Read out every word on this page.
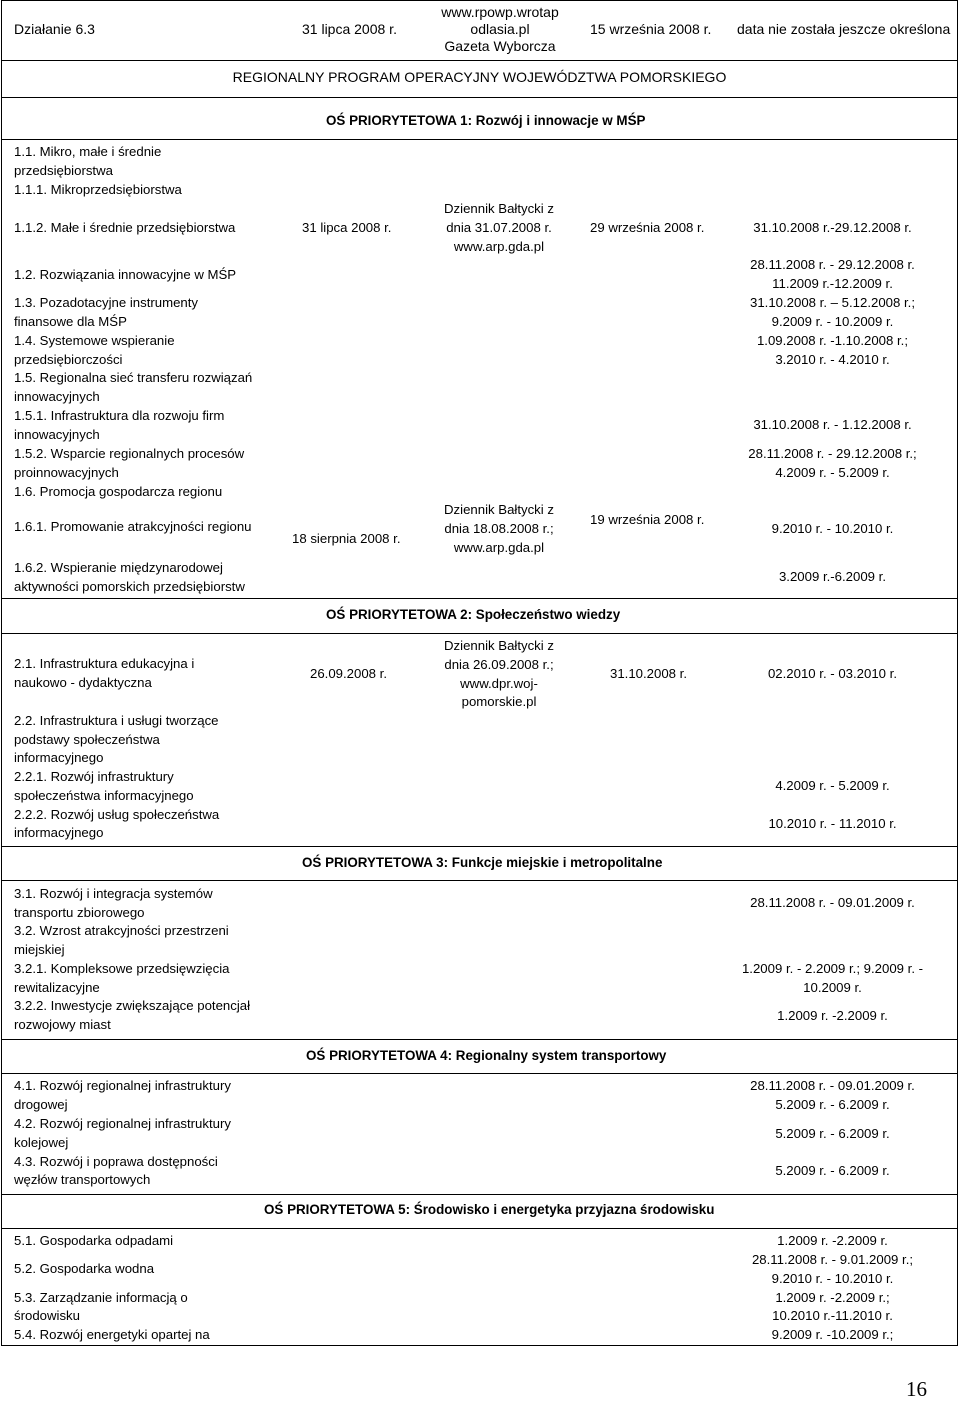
Działanie 6.3	31 lipca 2008 r.
www.rpowp.wrotap
odlasia.pl
Gazeta Wyborcza
15 września 2008 r. data nie została jeszcze określona
REGIONALNY PROGRAM OPERACYJNY WOJEWÓDZTWA POMORSKIEGO
OŚ PRIORYTETOWA 1: Rozwój i innowacje w MŚP
1.1. Mikro, małe i średnie
przedsiębiorstwa
1.1.1. Mikroprzedsiębiorstwa
1.1.2. Małe i średnie przedsiębiorstwa
1.2. Rozwiązania innowacyjne w MŚP
1.3. Pozadotacyjne instrumenty
finansowe dla MŚP
1.4. Systemowe wspieranie
przedsiębiorczości
1.5. Regionalna sieć transferu rozwiązań
innowacyjnych
1.5.1. Infrastruktura dla rozwoju firm
innowacyjnych
1.5.2. Wsparcie regionalnych procesów
proinnowacyjnych
1.6. Promocja gospodarcza regionu
1.6.1. Promowanie atrakcyjności regionu
1.6.2. Wspieranie międzynarodowej
aktywności pomorskich przedsiębiorstw
31 lipca 2008 r.
18 sierpnia 2008 r.
Dziennik Bałtycki z
dnia 31.07.2008 r.
www.arp.gda.pl
Dziennik Bałtycki z
dnia 18.08.2008 r.;
www.arp.gda.pl
29 września 2008 r.
19 września 2008 r.
31.10.2008 r.-29.12.2008 r.
28.11.2008 r. - 29.12.2008 r.
11.2009 r.-12.2009 r.
31.10.2008 r. – 5.12.2008 r.;
9.2009 r. - 10.2009 r.
1.09.2008 r. -1.10.2008 r.;
3.2010 r. - 4.2010 r.
31.10.2008 r. - 1.12.2008 r.
28.11.2008 r. - 29.12.2008 r.;
4.2009 r. - 5.2009 r.
9.2010 r. - 10.2010 r.
3.2009 r.-6.2009 r.
OŚ PRIORYTETOWA 2: Społeczeństwo wiedzy
2.1. Infrastruktura edukacyjna i
naukowo - dydaktyczna
2.2. Infrastruktura i usługi tworzące
podstawy społeczeństwa
informacyjnego
2.2.1. Rozwój infrastruktury
społeczeństwa informacyjnego
2.2.2. Rozwój usług społeczeństwa
informacyjnego
26.09.2008 r.
Dziennik Bałtycki z
dnia 26.09.2008 r.;
www.dpr.woj-
pomorskie.pl
31.10.2008 r.	02.2010 r. - 03.2010 r.
4.2009 r. - 5.2009 r.
10.2010 r. - 11.2010 r.
OŚ PRIORYTETOWA 3: Funkcje miejskie i metropolitalne
3.1. Rozwój i integracja systemów
transportu zbiorowego
3.2. Wzrost atrakcyjności przestrzeni
miejskiej
3.2.1. Kompleksowe przedsięwzięcia
rewitalizacyjne
3.2.2. Inwestycje zwiększające potencjał
rozwojowy miast
28.11.2008 r. - 09.01.2009 r.
1.2009 r. - 2.2009 r.; 9.2009 r. -
10.2009 r.
1.2009 r. -2.2009 r.
OŚ PRIORYTETOWA 4: Regionalny system transportowy
4.1. Rozwój regionalnej infrastruktury
drogowej
4.2. Rozwój regionalnej infrastruktury
kolejowej
4.3. Rozwój i poprawa dostępności
węzłów transportowych
28.11.2008 r. - 09.01.2009 r.
5.2009 r. - 6.2009 r.
5.2009 r. - 6.2009 r.
5.2009 r. - 6.2009 r.
OŚ PRIORYTETOWA 5: Środowisko i energetyka przyjazna środowisku
5.1. Gospodarka odpadami
5.2. Gospodarka wodna
5.3. Zarządzanie informacją o
środowisku
5.4. Rozwój energetyki opartej na
1.2009 r. -2.2009 r.
28.11.2008 r. - 9.01.2009 r.;
9.2010 r. - 10.2010 r.
1.2009 r. -2.2009 r.;
10.2010 r.-11.2010 r.
9.2009 r. -10.2009 r.;
16
